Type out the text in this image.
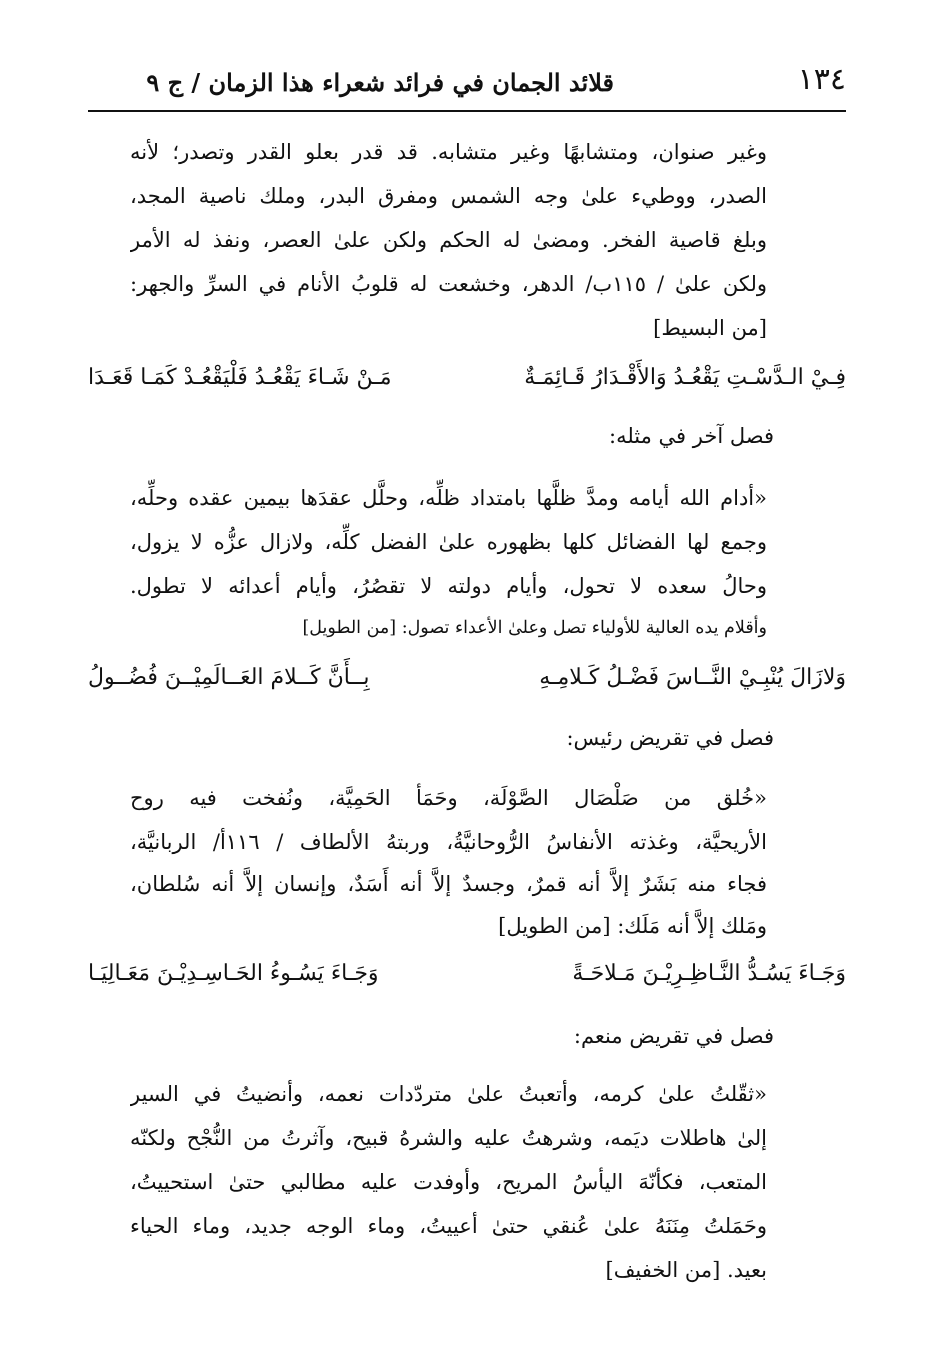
١٣٤
قلائد الجمان في فرائد شعراء هذا الزمان / ج ٩
وغير صنوان، ومتشابهًا وغير متشابه. قد قدر بعلو القدر وتصدر؛ لأنه
الصدر، ووطيء علىٰ وجه الشمس ومفرق البدر، وملك ناصية المجد،
وبلغ قاصية الفخر. ومضىٰ له الحكم ولكن علىٰ العصر، ونفذ له الأمر
ولكن علىٰ / ١١٥ب/ الدهر، وخشعت له قلوبُ الأنام في السرِّ والجهر:
[من البسيط]
فِـيْ الـدَّسْـتِ يَقْعُـدُ وَالأَقْـدَارُ قَـائِمَـةٌ
مَـنْ شَـاءَ يَقْعُـدُ فَلْيَقْعُـدْ كَمَـا قَعَـدَا
فصل آخر في مثله:
«أدام الله أيامه ومدَّ ظلَّها بامتداد ظلِّه، وحلَّل عقدَها بيمين عقده وحلِّه،
وجمع لها الفضائل كلها بظهوره علىٰ الفضل كلِّه، ولازال عزُّه لا يزول،
وحالُ سعده لا تحول، وأيام دولته لا تقصُرُ، وأيام أعدائه لا تطول.
وأقلام يده العالية للأولياء تصل وعلىٰ الأعداء تصول: [من الطويل]
وَلازَالَ يُنْبِـيْ النَّــاسَ فَضْـلُ كَـلامِـهِ
بِــأَنَّ كَــلامَ العَــالَمِيْــنَ فُضُــولُ
فصل في تقريض رئيس:
«خُلق من صَلْصَال الصَّوْلَة، وحَمَأ الحَمِيَّة، ونُفخت فيه روح
الأريحيَّة، وغذته الأنفاسُ الرُّوحانيَّةُ، وربتهُ الألطاف / ١١٦أ/ الربانيَّة،
فجاء منه بَشَرٌ إلاَّ أنه قمرٌ، وجسدٌ إلاَّ أنه أَسَدٌ، وإنسان إلاَّ أنه سُلطان،
ومَلك إلاَّ أنه مَلَك: [من الطويل]
وَجَـاءَ يَسُـدُّ النَّـاظِـرِيْـنَ مَـلاحَـةً
وَجَـاءَ يَسُـوءُ الحَـاسِـدِيْـنَ مَعَـالِيَـا
فصل في تقريض منعم:
«ثقّلتُ علىٰ كرمه، وأتعبتُ علىٰ متردّدات نعمه، وأنضيتُ في السير
إلىٰ هاطلات ديَمه، وشرهتُ عليه والشرهُ قبيح، وآثرتُ من النُّجْح ولكنّه
المتعب، فكأنّهَ اليأسُ المريح، وأوفدت عليه مطالبي حتىٰ استحييتُ،
وحَمَلتُ مِنَنَهُ علىٰ عُنقي حتىٰ أعييتُ، وماء الوجه جديد، وماء الحياء
بعيد. [من الخفيف]
